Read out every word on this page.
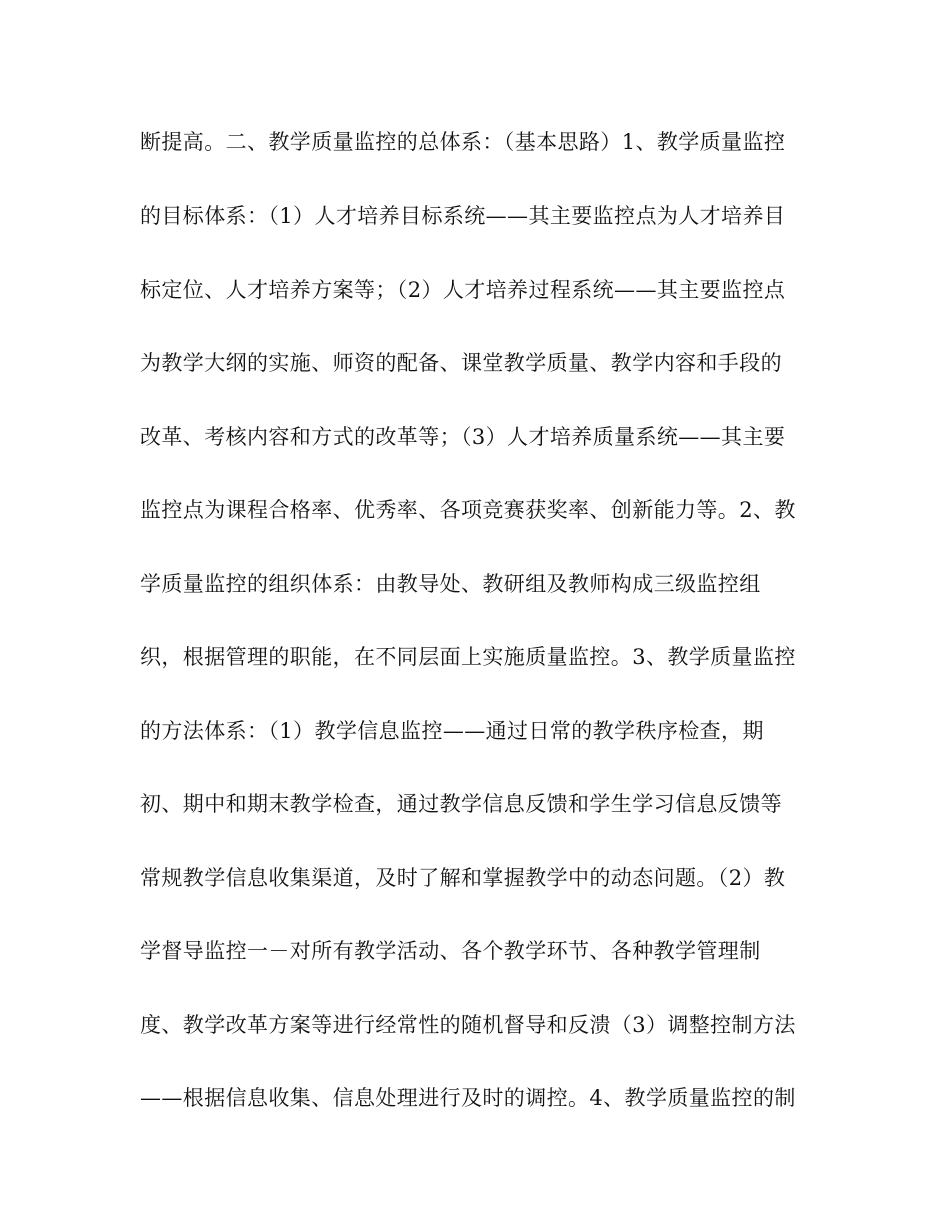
断提高。二、教学质量监控的总体系：（基本思路）1、教学质量监控
的目标体系：（1）人才培养目标系统——其主要监控点为人才培养目
标定位、人才培养方案等；（2）人才培养过程系统——其主要监控点
为教学大纲的实施、师资的配备、课堂教学质量、教学内容和手段的
改革、考核内容和方式的改革等；（3）人才培养质量系统——其主要
监控点为课程合格率、优秀率、各项竞赛获奖率、创新能力等。2、教
学质量监控的组织体系：由教导处、教研组及教师构成三级监控组
织，根据管理的职能，在不同层面上实施质量监控。3、教学质量监控
的方法体系：（1）教学信息监控——通过日常的教学秩序检查，期
初、期中和期末教学检查，通过教学信息反馈和学生学习信息反馈等
常规教学信息收集渠道，及时了解和掌握教学中的动态问题。（2）教
学督导监控一－对所有教学活动、各个教学环节、各种教学管理制
度、教学改革方案等进行经常性的随机督导和反溃（3）调整控制方法
——根据信息收集、信息处理进行及时的调控。4、教学质量监控的制
